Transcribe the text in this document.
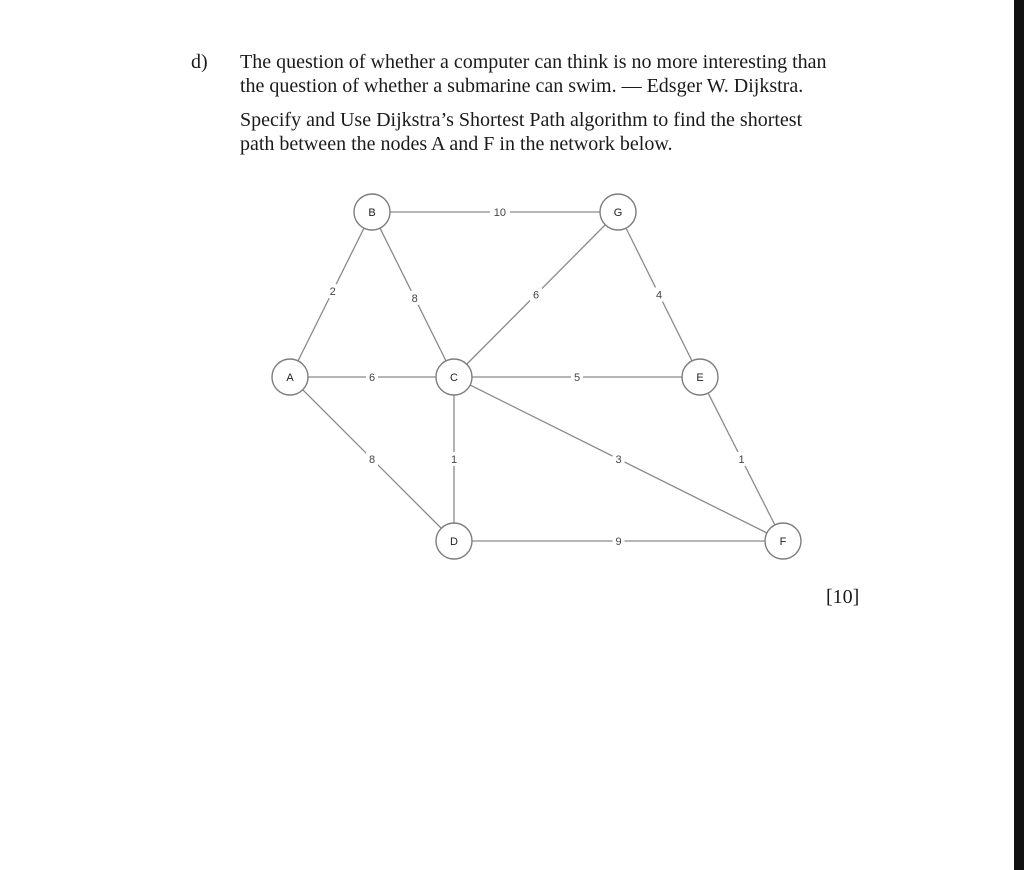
d) The question of whether a computer can think is no more interesting than
the question of whether a submarine can swim. — Edsger W. Dijkstra.
Specify and Use Dijkstra’s Shortest Path algorithm to find the shortest
path between the nodes A and F in the network below.
10
2
8	6	4
6	5
8	1	3	1
9
B	G
A	C	E
D	F
[10]
